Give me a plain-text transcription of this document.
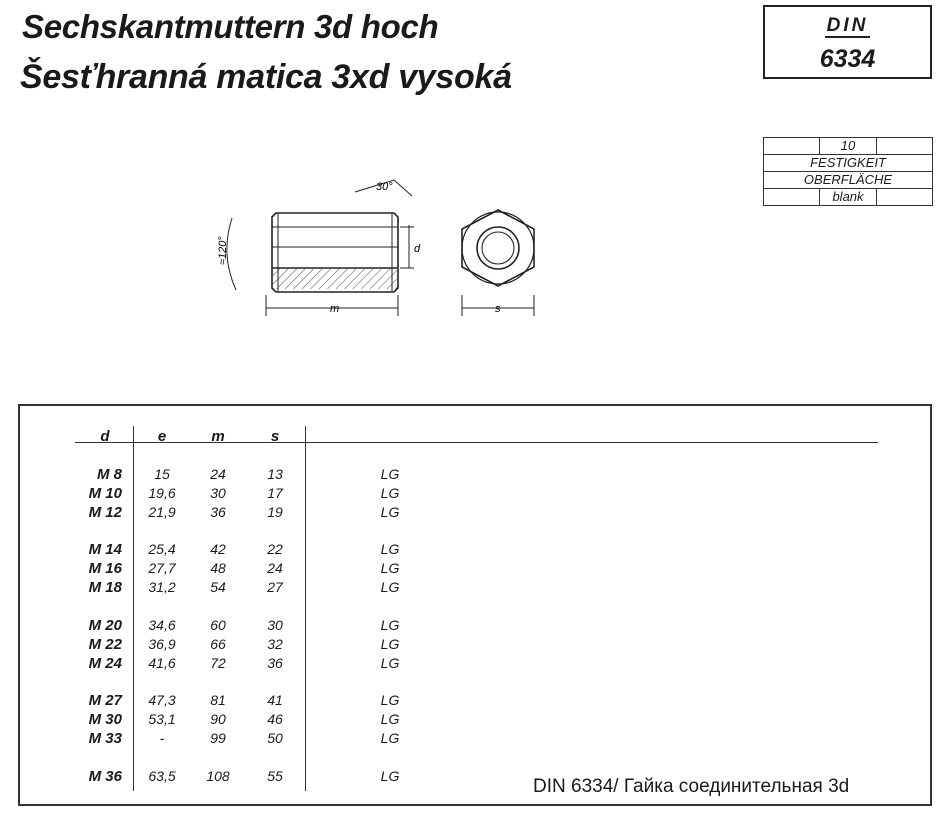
Sechskantmuttern 3d hoch
Šesťhranná matica 3xd vysoká
DIN
6334
	10	
FESTIGKEIT		
OBERFLÄCHE		
	blank	
30°
≈120°
m
d
s
d	e	m	s
M 8	15	24	13	LG
M 10	19,6	30	17	LG
M 12	21,9	36	19	LG
M 14	25,4	42	22	LG
M 16	27,7	48	24	LG
M 18	31,2	54	27	LG
M 20	34,6	60	30	LG
M 22	36,9	66	32	LG
M 24	41,6	72	36	LG
M 27	47,3	81	41	LG
M 30	53,1	90	46	LG
M 33	-	99	50	LG
M 36	63,5	108	55	LG	DIN 6334/ Гайка соединительная 3d
